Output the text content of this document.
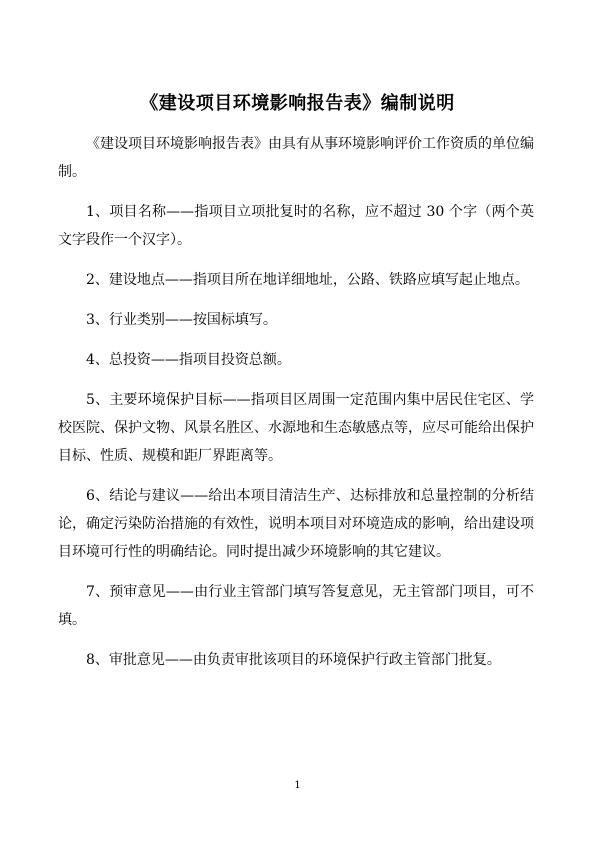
《建设项目环境影响报告表》编制说明

《建设项目环境影响报告表》由具有从事环境影响评价工作资质的单位编制。

1、项目名称——指项目立项批复时的名称，应不超过 30 个字（两个英文字段作一个汉字）。

2、建设地点——指项目所在地详细地址，公路、铁路应填写起止地点。

3、行业类别——按国标填写。

4、总投资——指项目投资总额。

5、主要环境保护目标——指项目区周围一定范围内集中居民住宅区、学校医院、保护文物、风景名胜区、水源地和生态敏感点等，应尽可能给出保护目标、性质、规模和距厂界距离等。

6、结论与建议——给出本项目清洁生产、达标排放和总量控制的分析结论，确定污染防治措施的有效性，说明本项目对环境造成的影响，给出建设项目环境可行性的明确结论。同时提出减少环境影响的其它建议。

7、预审意见——由行业主管部门填写答复意见，无主管部门项目，可不填。

8、审批意见——由负责审批该项目的环境保护行政主管部门批复。

1
